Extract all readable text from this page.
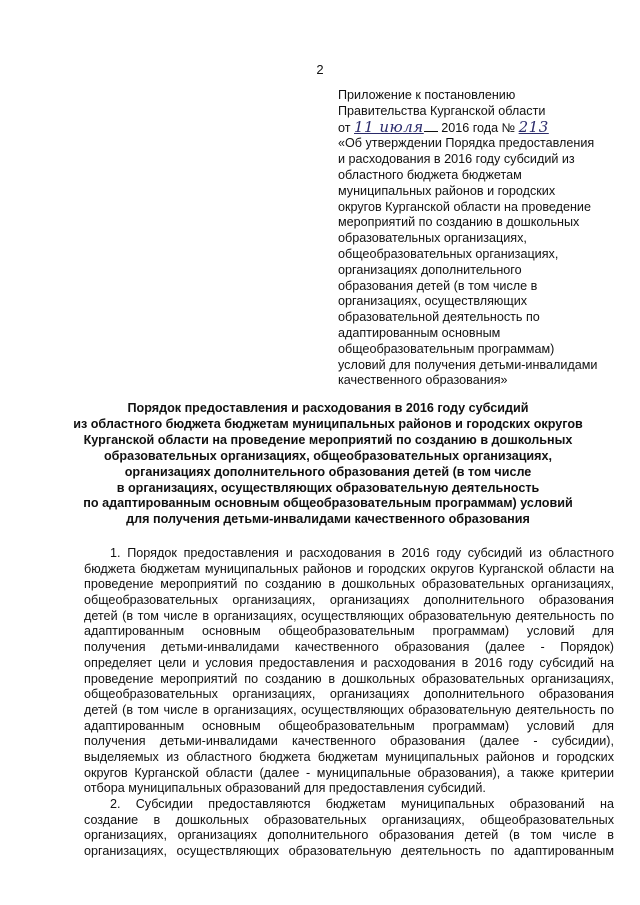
2
Приложение к постановлению
Правительства Курганской области
от 11 июля 2016 года № 213
«Об утверждении Порядка предоставления
и расходования в 2016 году субсидий из
областного бюджета бюджетам
муниципальных районов и городских
округов Курганской области на проведение
мероприятий по созданию в дошкольных
образовательных организациях,
общеобразовательных организациях,
организациях дополнительного
образования детей (в том числе в
организациях, осуществляющих
образовательной деятельность по
адаптированным основным
общеобразовательным программам)
условий для получения детьми-инвалидами
качественного образования»
Порядок предоставления и расходования в 2016 году субсидий
из областного бюджета бюджетам муниципальных районов и городских округов
Курганской области на проведение мероприятий по созданию в дошкольных
образовательных организациях, общеобразовательных организациях,
организациях дополнительного образования детей (в том числе
в организациях, осуществляющих образовательную деятельность
по адаптированным основным общеобразовательным программам) условий
для получения детьми-инвалидами качественного образования
1. Порядок предоставления и расходования в 2016 году субсидий из областного
бюджета бюджетам муниципальных районов и городских округов Курганской области на
проведение мероприятий по созданию в дошкольных образовательных организациях,
общеобразовательных организациях, организациях дополнительного образования
детей (в том числе в организациях, осуществляющих образовательную деятельность по
адаптированным основным общеобразовательным программам) условий для
получения детьми-инвалидами качественного образования (далее - Порядок)
определяет цели и условия предоставления и расходования в 2016 году субсидий на
проведение мероприятий по созданию в дошкольных образовательных организациях,
общеобразовательных организациях, организациях дополнительного образования
детей (в том числе в организациях, осуществляющих образовательную деятельность по
адаптированным основным общеобразовательным программам) условий для
получения детьми-инвалидами качественного образования (далее - субсидии),
выделяемых из областного бюджета бюджетам муниципальных районов и городских
округов Курганской области (далее - муниципальные образования), а также критерии
отбора муниципальных образований для предоставления субсидий.
2. Субсидии предоставляются бюджетам муниципальных образований на
создание в дошкольных образовательных организациях, общеобразовательных
организациях, организациях дополнительного образования детей (в том числе в
организациях, осуществляющих образовательную деятельность по адаптированным
